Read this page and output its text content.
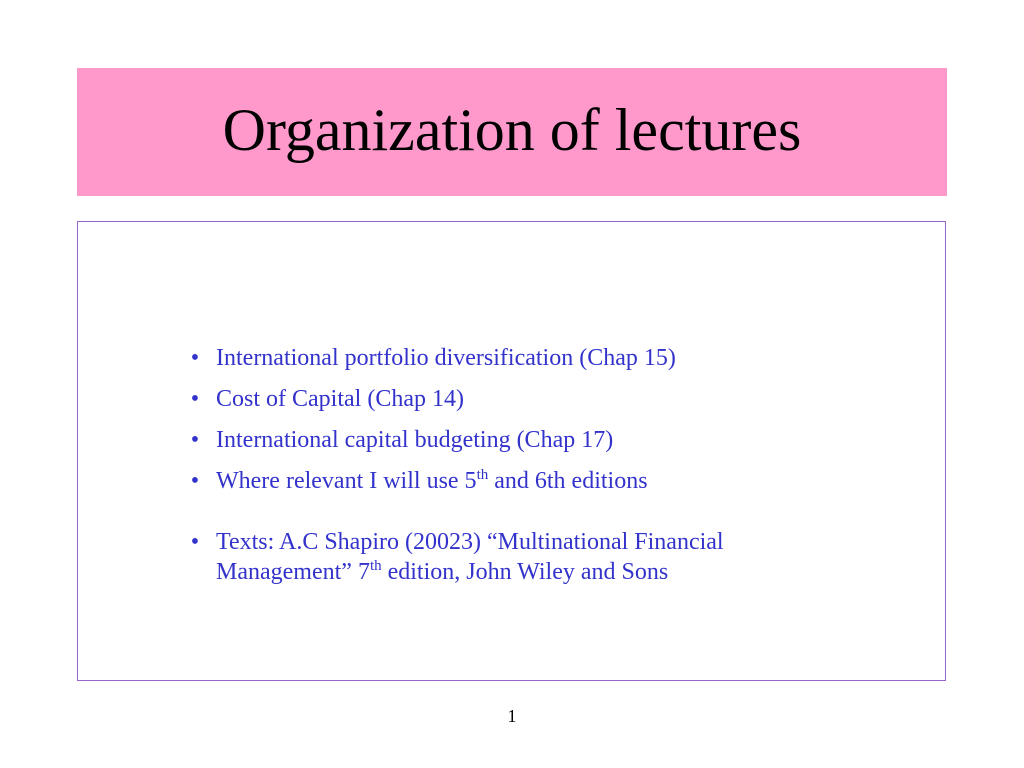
Organization of lectures
• International portfolio diversification (Chap 15)
• Cost of Capital (Chap 14)
• International capital budgeting (Chap 17)
• Where relevant I will use 5th and 6th editions
• Texts: A.C Shapiro (20023) “Multinational Financial
Management” 7th edition, John Wiley and Sons
1
